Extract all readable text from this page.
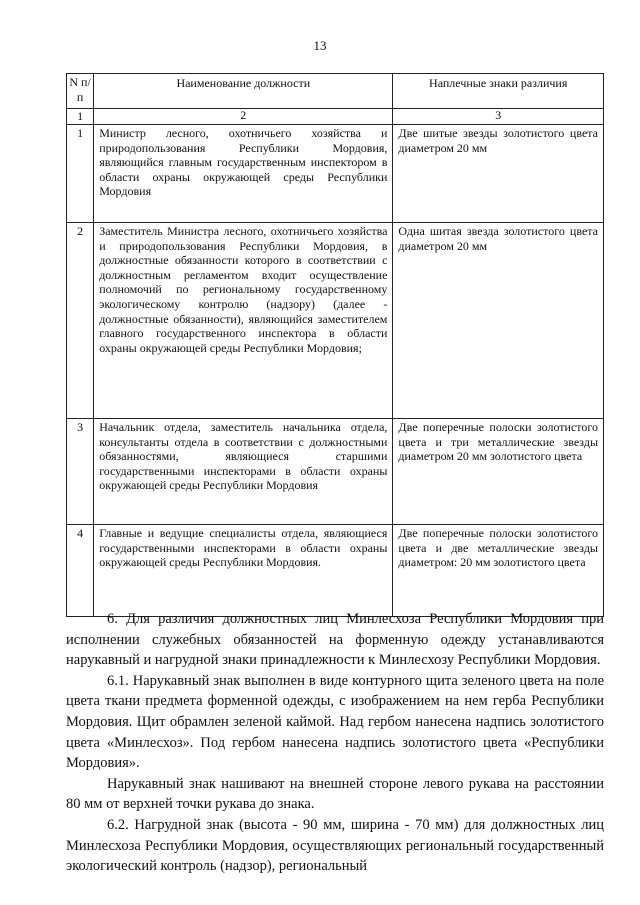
13
N п/п	Наименование должности	Наплечные знаки различия
1	2	3
1	Министр лесного, охотничьего хозяйства и природопользования Республики Мордовия, являющийся главным государственным инспектором в области охраны окружающей среды Республики Мордовия	Две шитые звезды золотистого цвета диаметром 20 мм
2	Заместитель Министра лесного, охотничьего хозяйства и природопользования Республики Мордовия, в должностные обязанности которого в соответствии с должностным регламентом входит осуществление полномочий по региональному государственному экологическому контролю (надзору) (далее - должностные обязанности), являющийся заместителем главного государственного инспектора в области охраны окружающей среды Республики Мордовия;	Одна шитая звезда золотистого цвета диаметром 20 мм
3	Начальник отдела, заместитель начальника отдела, консультанты отдела в соответствии с должностными обязанностями, являющиеся старшими государственными инспекторами в области охраны окружающей среды Республики Мордовия	Две поперечные полоски золотистого цвета и три металлические звезды диаметром 20 мм золотистого цвета
4	Главные и ведущие специалисты отдела, являющиеся государственными инспекторами в области охраны окружающей среды Республики Мордовия.	Две поперечные полоски золотистого цвета и две металлические звезды диаметром: 20 мм золотистого цвета

6. Для различия должностных лиц Минлесхоза Республики Мордовия при исполнении служебных обязанностей на форменную одежду устанавливаются нарукавный и нагрудной знаки принадлежности к Минлесхозу Республики Мордовия.

6.1. Нарукавный знак выполнен в виде контурного щита зеленого цвета на поле цвета ткани предмета форменной одежды, с изображением на нем герба Республики Мордовия. Щит обрамлен зеленой каймой. Над гербом нанесена надпись золотистого цвета «Минлесхоз». Под гербом нанесена надпись золотистого цвета «Республики Мордовия».

Нарукавный знак нашивают на внешней стороне левого рукава на расстоянии 80 мм от верхней точки рукава до знака.

6.2. Нагрудной знак (высота - 90 мм, ширина - 70 мм) для должностных лиц Минлесхоза Республики Мордовия, осуществляющих региональный государственный экологический контроль (надзор), региональный
